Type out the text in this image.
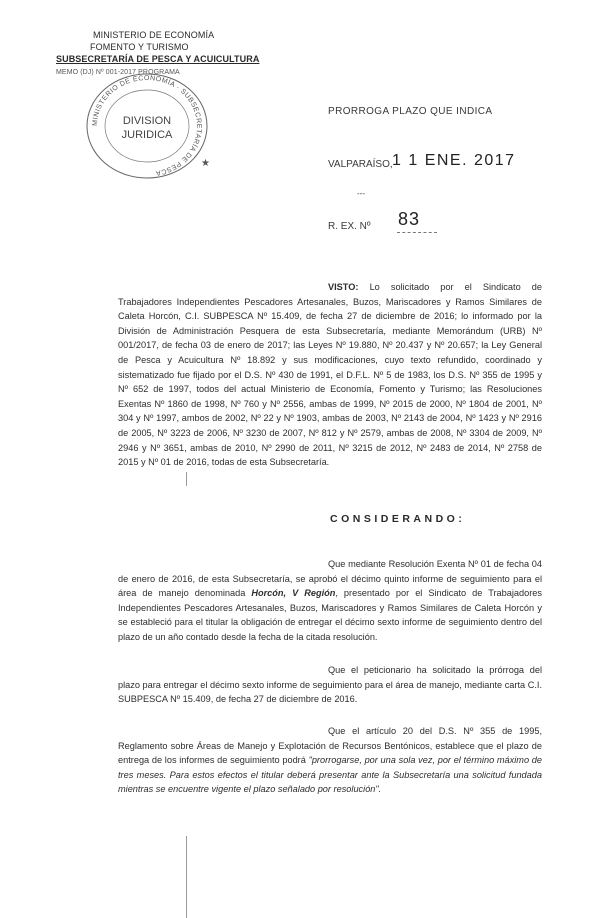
MINISTERIO DE ECONOMÍA
FOMENTO Y TURISMO
SUBSECRETARÍA DE PESCA Y ACUICULTURA
MEMO (DJ) Nº 001-2017 PROGRAMA
MINISTERIO DE ECONOMÍA · SUBSECRETARÍA DE PESCA
DIVISION
JURIDICA
★
PRORROGA PLAZO QUE INDICA
VALPARAÍSO, 1 1 ENE. 2017
---
R. EX. Nº 83
VISTO: Lo solicitado por el Sindicato de Trabajadores Independientes Pescadores Artesanales, Buzos, Mariscadores y Ramos Similares de Caleta Horcón, C.I. SUBPESCA Nº 15.409, de fecha 27 de diciembre de 2016; lo informado por la División de Administración Pesquera de esta Subsecretaría, mediante Memorándum (URB) Nº 001/2017, de fecha 03 de enero de 2017; las Leyes Nº 19.880, Nº 20.437 y Nº 20.657; la Ley General de Pesca y Acuicultura Nº 18.892 y sus modificaciones, cuyo texto refundido, coordinado y sistematizado fue fijado por el D.S. Nº 430 de 1991, el D.F.L. Nº 5 de 1983, los D.S. Nº 355 de 1995 y Nº 652 de 1997, todos del actual Ministerio de Economía, Fomento y Turismo; las Resoluciones Exentas Nº 1860 de 1998, Nº 760 y Nº 2556, ambas de 1999, Nº 2015 de 2000, Nº 1804 de 2001, Nº 304 y Nº 1997, ambos de 2002, Nº 22 y Nº 1903, ambas de 2003, Nº 2143 de 2004, Nº 1423 y Nº 2916 de 2005, Nº 3223 de 2006, Nº 3230 de 2007, Nº 812 y Nº 2579, ambas de 2008, Nº 3304 de 2009, Nº 2946 y Nº 3651, ambas de 2010, Nº 2990 de 2011, Nº 3215 de 2012, Nº 2483 de 2014, Nº 2758 de 2015 y Nº 01 de 2016, todas de esta Subsecretaría.
CONSIDERANDO:
Que mediante Resolución Exenta Nº 01 de fecha 04 de enero de 2016, de esta Subsecretaría, se aprobó el décimo quinto informe de seguimiento para el área de manejo denominada Horcón, V Región, presentado por el Sindicato de Trabajadores Independientes Pescadores Artesanales, Buzos, Mariscadores y Ramos Similares de Caleta Horcón y se estableció para el titular la obligación de entregar el décimo sexto informe de seguimiento dentro del plazo de un año contado desde la fecha de la citada resolución.
Que el peticionario ha solicitado la prórroga del plazo para entregar el décimo sexto informe de seguimiento para el área de manejo, mediante carta C.I. SUBPESCA Nº 15.409, de fecha 27 de diciembre de 2016.
Que el artículo 20 del D.S. Nº 355 de 1995, Reglamento sobre Áreas de Manejo y Explotación de Recursos Bentónicos, establece que el plazo de entrega de los informes de seguimiento podrá "prorrogarse, por una sola vez, por el término máximo de tres meses. Para estos efectos el titular deberá presentar ante la Subsecretaría una solicitud fundada mientras se encuentre vigente el plazo señalado por resolución".
